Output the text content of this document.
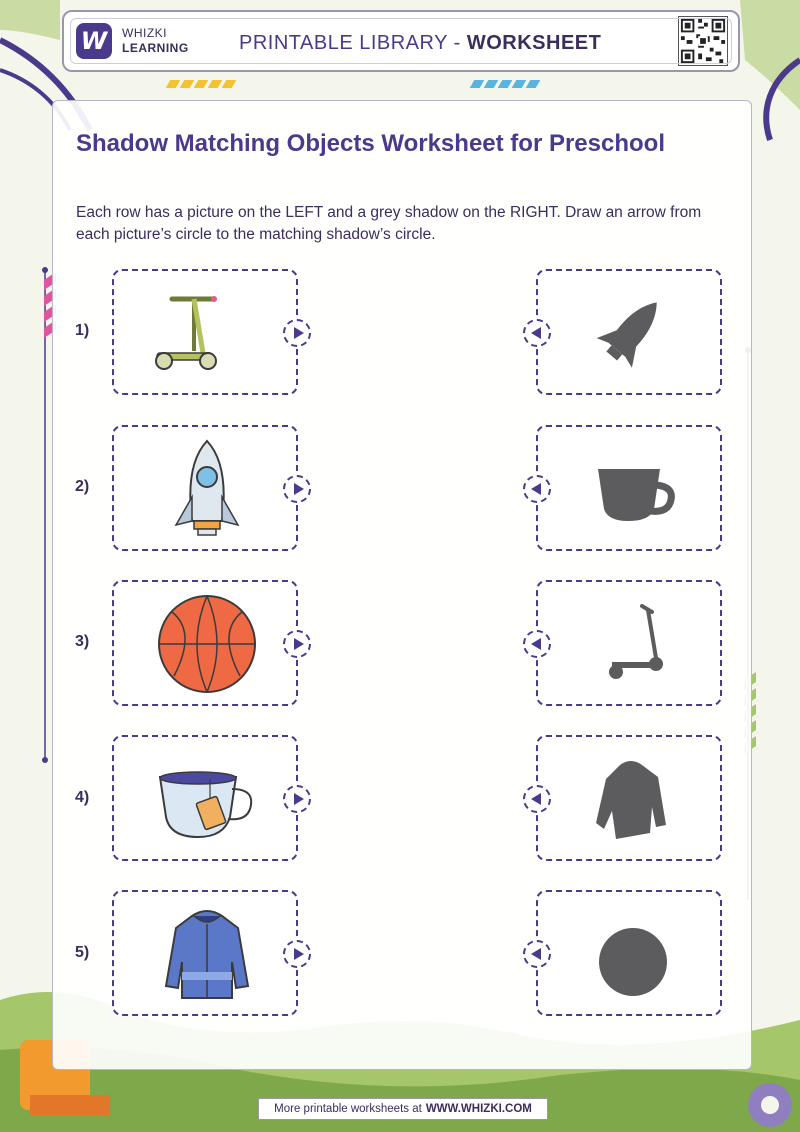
W	WHIZKI
LEARNING	PRINTABLE LIBRARY - WORKSHEET
Shadow Matching Objects Worksheet for Preschool
Each row has a picture on the LEFT and a grey shadow on the RIGHT. Draw an arrow from each picture’s circle to the matching shadow’s circle.
1)
2)
3)
4)
5)
More printable worksheets at WWW.WHIZKI.COM
